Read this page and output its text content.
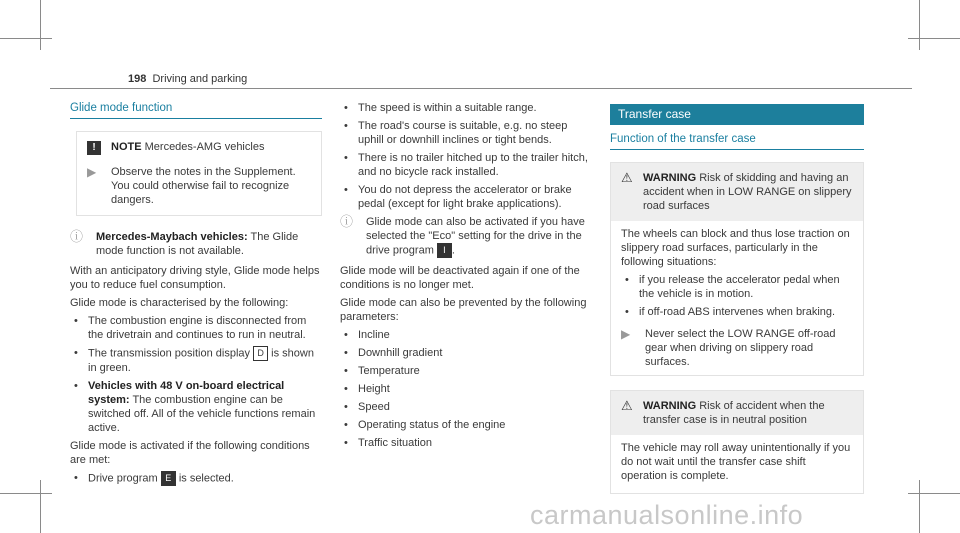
198 Driving and parking
Glide mode function
!	NOTE Mercedes-AMG vehicles
▶	Observe the notes in the Supplement. You could otherwise fail to recognize dangers.
ⓘ Mercedes-Maybach vehicles: The Glide mode function is not available.

With an anticipatory driving style, Glide mode helps you to reduce fuel consumption.

Glide mode is characterised by the following:

• The combustion engine is disconnected from the drivetrain and continues to run in neutral.
• The transmission position display D is shown in green.
• Vehicles with 48 V on-board electrical system: The combustion engine can be switched off. All of the vehicle functions remain active.

Glide mode is activated if the following conditions are met:

• Drive program E is selected.
• The speed is within a suitable range.
• The road's course is suitable, e.g. no steep uphill or downhill inclines or tight bends.
• There is no trailer hitched up to the trailer hitch, and no bicycle rack installed.
• You do not depress the accelerator or brake pedal (except for light brake applications).
ⓘ Glide mode can also be activated if you have selected the "Eco" setting for the drive in the drive program I .

Glide mode will be deactivated again if one of the conditions is no longer met.

Glide mode can also be prevented by the following parameters:

• Incline
• Downhill gradient
• Temperature
• Height
• Speed
• Operating status of the engine
• Traffic situation
Transfer case
Function of the transfer case
⚠ WARNING Risk of skidding and having an accident when in LOW RANGE on slippery road surfaces

The wheels can block and thus lose traction on slippery road surfaces, particularly in the following situations:

• if you release the accelerator pedal when the vehicle is in motion.
• if off-road ABS intervenes when braking.
▶	Never select the LOW RANGE off-road gear when driving on slippery road surfaces.
⚠ WARNING Risk of accident when the transfer case is in neutral position

The vehicle may roll away unintentionally if you do not wait until the transfer case shift operation is complete.

carmanualsonline.info
